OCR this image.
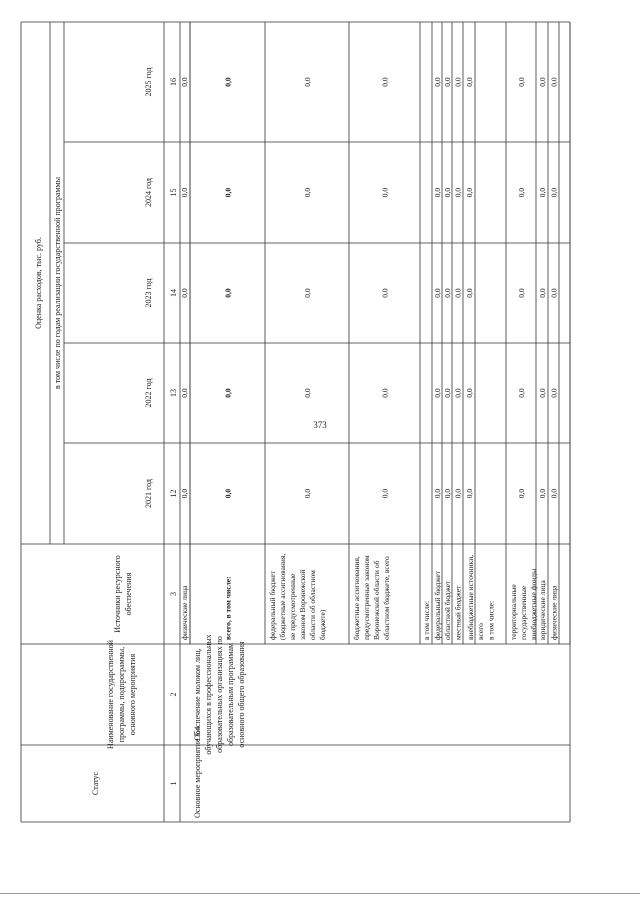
373
Статус
Наименование государственной программы, подпрограммы, основного мероприятия
Источники ресурсного обеспечения
Оценка расходов, тыс. руб. в том числе по годам реализации государственной программы
2021 год
2022 год
2023 год
2024 год
2025 год
1
2
3
12
13
14
15
16
физические лица
0,0
0,0
0,0
0,0
0,0
Основное мероприятие 5.4
Обеспечение молоком лиц, обучающихся в профессиональных образовательных организациях по образовательным программам основного общего образования
всего, в том числе:
0,0
0,0
0,0
0,0
0,0
федеральный бюджет (бюджетные ассигнования, не предусмотренные законом Воронежской области об областном бюджете)
0,0
0,0
0,0
0,0
0,0
бюджетные ассигнования, предусмотренные законом Воронежской области об областном бюджете, всего
0,0
0,0
0,0
0,0
0,0
в том числе: федеральный бюджет
0,0
0,0
0,0
0,0
0,0
областной бюджет
0,0
0,0
0,0
0,0
0,0
местный бюджет
0,0
0,0
0,0
0,0
0,0
внебюджетные источники, всего
0,0
0,0
0,0
0,0
0,0
в том числе: территориальные государственные внебюджетные фонды
0,0
0,0
0,0
0,0
0,0
юридические лица
0,0
0,0
0,0
0,0
0,0
физические лица
0,0
0,0
0,0
0,0
0,0
